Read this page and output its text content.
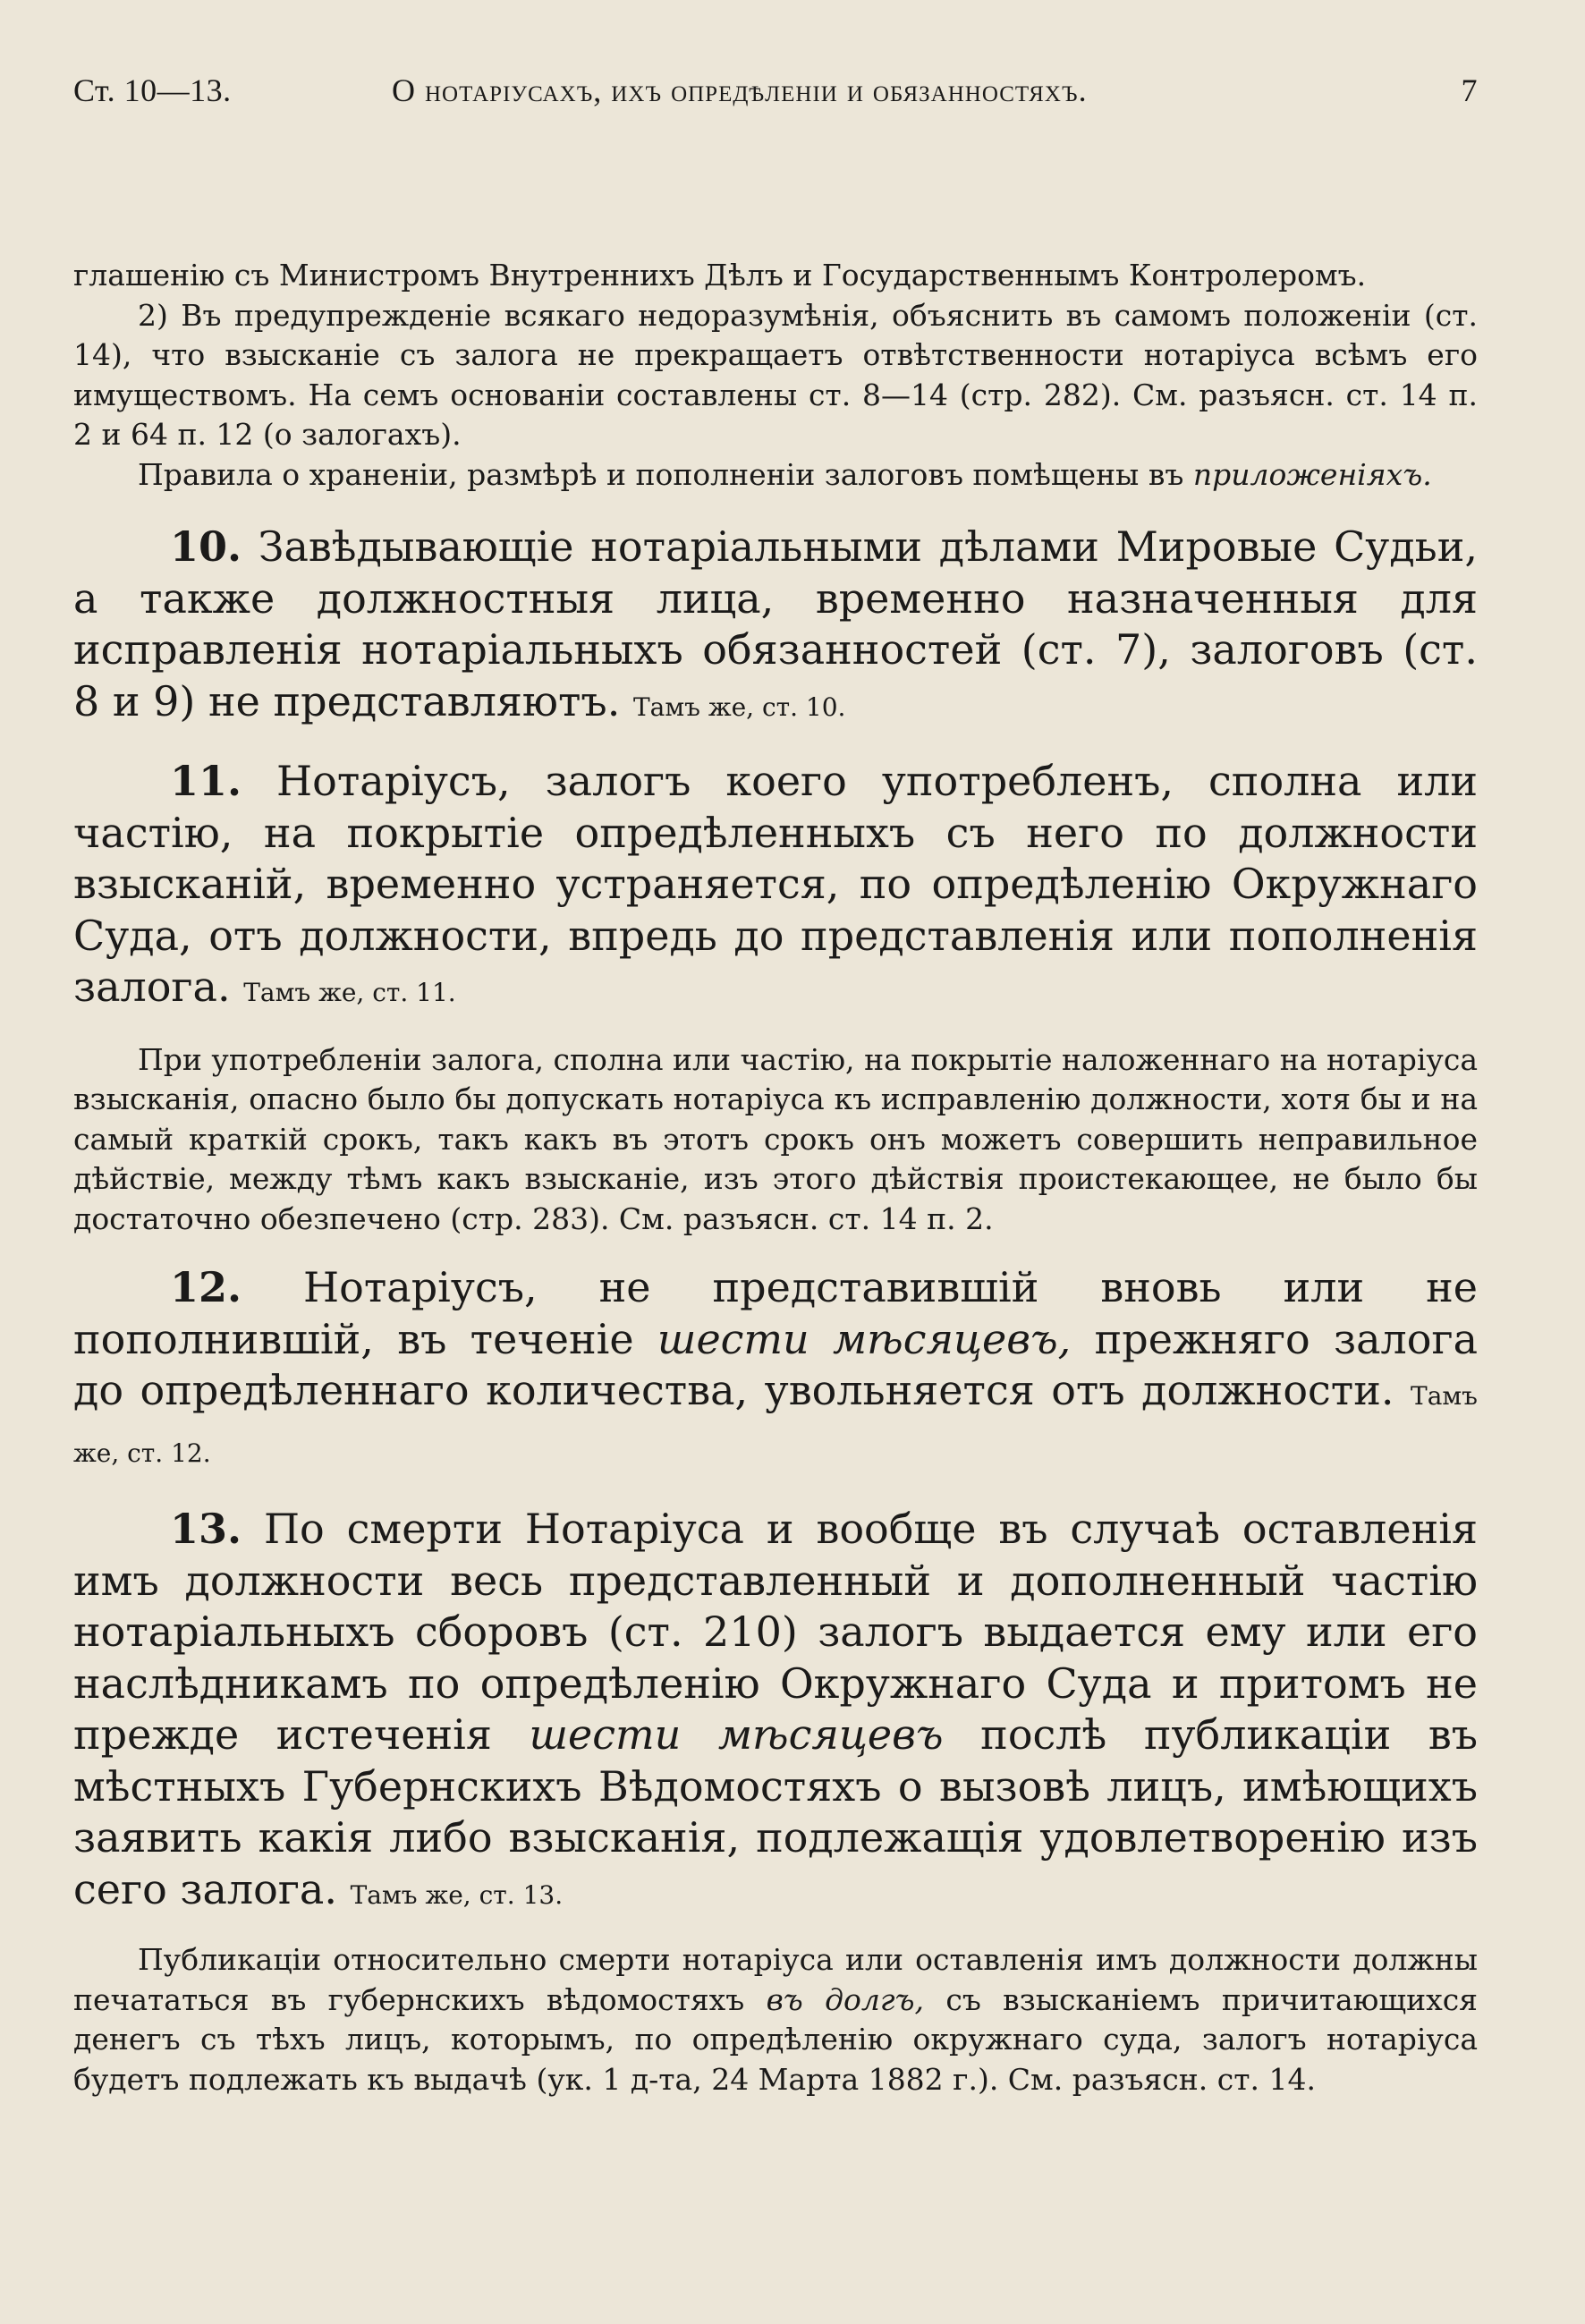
Ст. 10—13.	О нотаріусахъ, ихъ опредѣленіи и обязанностяхъ.	7

глашенію съ Министромъ Внутреннихъ Дѣлъ и Государственнымъ Контролеромъ.

2) Въ предупрежденіе всякаго недоразумѣнія, объяснить въ самомъ положеніи (ст. 14), что взысканіе съ залога не прекращаетъ отвѣтственности нотаріуса всѣмъ его имуществомъ. На семъ основаніи составлены ст. 8—14 (стр. 282). См. разъясн. ст. 14 п. 2 и 64 п. 12 (о залогахъ).

Правила о храненіи, размѣрѣ и пополненіи залоговъ помѣщены въ приложеніяхъ.

10. Завѣдывающіе нотаріальными дѣлами Мировые Судьи, а также должностныя лица, временно назначенныя для исправленія нотаріальныхъ обязанностей (ст. 7), залоговъ (ст. 8 и 9) не представляютъ. Тамъ же, ст. 10.

11. Нотаріусъ, залогъ коего употребленъ, сполна или частію, на покрытіе опредѣленныхъ съ него по должности взысканій, временно устраняется, по опредѣленію Окружнаго Суда, отъ должности, впредь до представленія или пополненія залога. Тамъ же, ст. 11.

При употребленіи залога, сполна или частію, на покрытіе наложеннаго на нотаріуса взысканія, опасно было бы допускать нотаріуса къ исправленію должности, хотя бы и на самый краткій срокъ, такъ какъ въ этотъ срокъ онъ можетъ совершить неправильное дѣйствіе, между тѣмъ какъ взысканіе, изъ этого дѣйствія проистекающее, не было бы достаточно обезпечено (стр. 283). См. разъясн. ст. 14 п. 2.

12. Нотаріусъ, не представившій вновь или не пополнившій, въ теченіе шести мѣсяцевъ, прежняго залога до опредѣленнаго количества, увольняется отъ должности. Тамъ же, ст. 12.

13. По смерти Нотаріуса и вообще въ случаѣ оставленія имъ должности весь представленный и дополненный частію нотаріальныхъ сборовъ (ст. 210) залогъ выдается ему или его наслѣдникамъ по опредѣленію Окружнаго Суда и притомъ не прежде истеченія шести мѣсяцевъ послѣ публикаціи въ мѣстныхъ Губернскихъ Вѣдомостяхъ о вызовѣ лицъ, имѣющихъ заявить какія либо взысканія, подлежащія удовлетворенію изъ сего залога. Тамъ же, ст. 13.

Публикаціи относительно смерти нотаріуса или оставленія имъ должности должны печататься въ губернскихъ вѣдомостяхъ въ долгъ, съ взысканіемъ причитающихся денегъ съ тѣхъ лицъ, которымъ, по опредѣленію окружнаго суда, залогъ нотаріуса будетъ подлежать къ выдачѣ (ук. 1 д-та, 24 Марта 1882 г.). См. разъясн. ст. 14.
